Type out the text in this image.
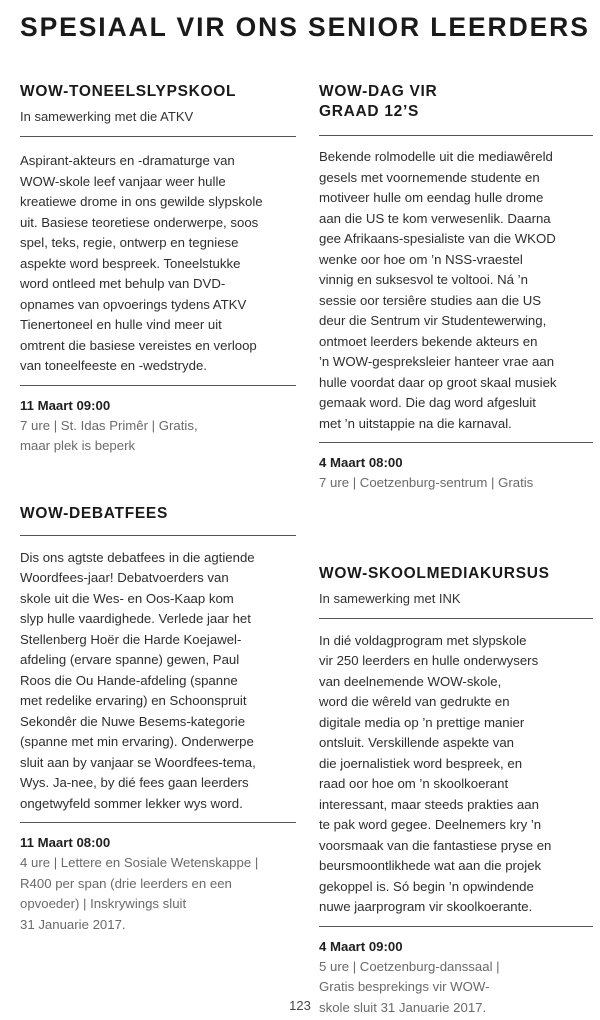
SPESIAAL VIR ONS SENIOR LEERDERS
WOW-TONEELSLYPSKOOL
In samewerking met die ATKV

Aspirant-akteurs en -dramaturge van
WOW-skole leef vanjaar weer hulle
kreatiewe drome in ons gewilde slypskole
uit. Basiese teoretiese onderwerpe, soos
spel, teks, regie, ontwerp en tegniese
aspekte word bespreek. Toneelstukke
word ontleed met behulp van DVD-
opnames van opvoerings tydens ATKV
Tienertoneel en hulle vind meer uit
omtrent die basiese vereistes en verloop
van toneelfeeste en -wedstryde.

11 Maart 09:00
7 ure | St. Idas Primêr | Gratis,
maar plek is beperk
WOW-DEBATFEES

Dis ons agtste debatfees in die agtiende
Woordfees-jaar! Debatvoerders van
skole uit die Wes- en Oos-Kaap kom
slyp hulle vaardighede. Verlede jaar het
Stellenberg Hoër die Harde Koejawel-
afdeling (ervare spanne) gewen, Paul
Roos die Ou Hande-afdeling (spanne
met redelike ervaring) en Schoonspruit
Sekondêr die Nuwe Besems-kategorie
(spanne met min ervaring). Onderwerpe
sluit aan by vanjaar se Woordfees-tema,
Wys. Ja-nee, by dié fees gaan leerders
ongetwyfeld sommer lekker wys word.

11 Maart 08:00
4 ure | Lettere en Sosiale Wetenskappe |
R400 per span (drie leerders en een
opvoeder) | Inskrywings sluit
31 Januarie 2017.
WOW-DAG VIR
GRAAD 12’S

Bekende rolmodelle uit die mediawêreld
gesels met voornemende studente en
motiveer hulle om eendag hulle drome
aan die US te kom verwesenlik. Daarna
gee Afrikaans-spesialiste van die WKOD
wenke oor hoe om ’n NSS-vraestel
vinnig en suksesvol te voltooi. Ná ’n
sessie oor tersiêre studies aan die US
deur die Sentrum vir Studentewerwing,
ontmoet leerders bekende akteurs en
’n WOW-gespreksleier hanteer vrae aan
hulle voordat daar op groot skaal musiek
gemaak word. Die dag word afgesluit
met ’n uitstappie na die karnaval.

4 Maart 08:00
7 ure | Coetzenburg-sentrum | Gratis
WOW-SKOOLMEDIAKURSUS
In samewerking met INK

In dié voldagprogram met slypskole
vir 250 leerders en hulle onderwysers
van deelnemende WOW-skole,
word die wêreld van gedrukte en
digitale media op ’n prettige manier
ontsluit. Verskillende aspekte van
die joernalistiek word bespreek, en
raad oor hoe om ’n skoolkoerant
interessant, maar steeds prakties aan
te pak word gegee. Deelnemers kry ’n
voorsmaak van die fantastiese pryse en
beursmoontlikhede wat aan die projek
gekoppel is. Só begin ’n opwindende
nuwe jaarprogram vir skoolkoerante.

4 Maart 09:00
5 ure | Coetzenburg-danssaal |
Gratis besprekings vir WOW-
skole sluit 31 Januarie 2017.
123
